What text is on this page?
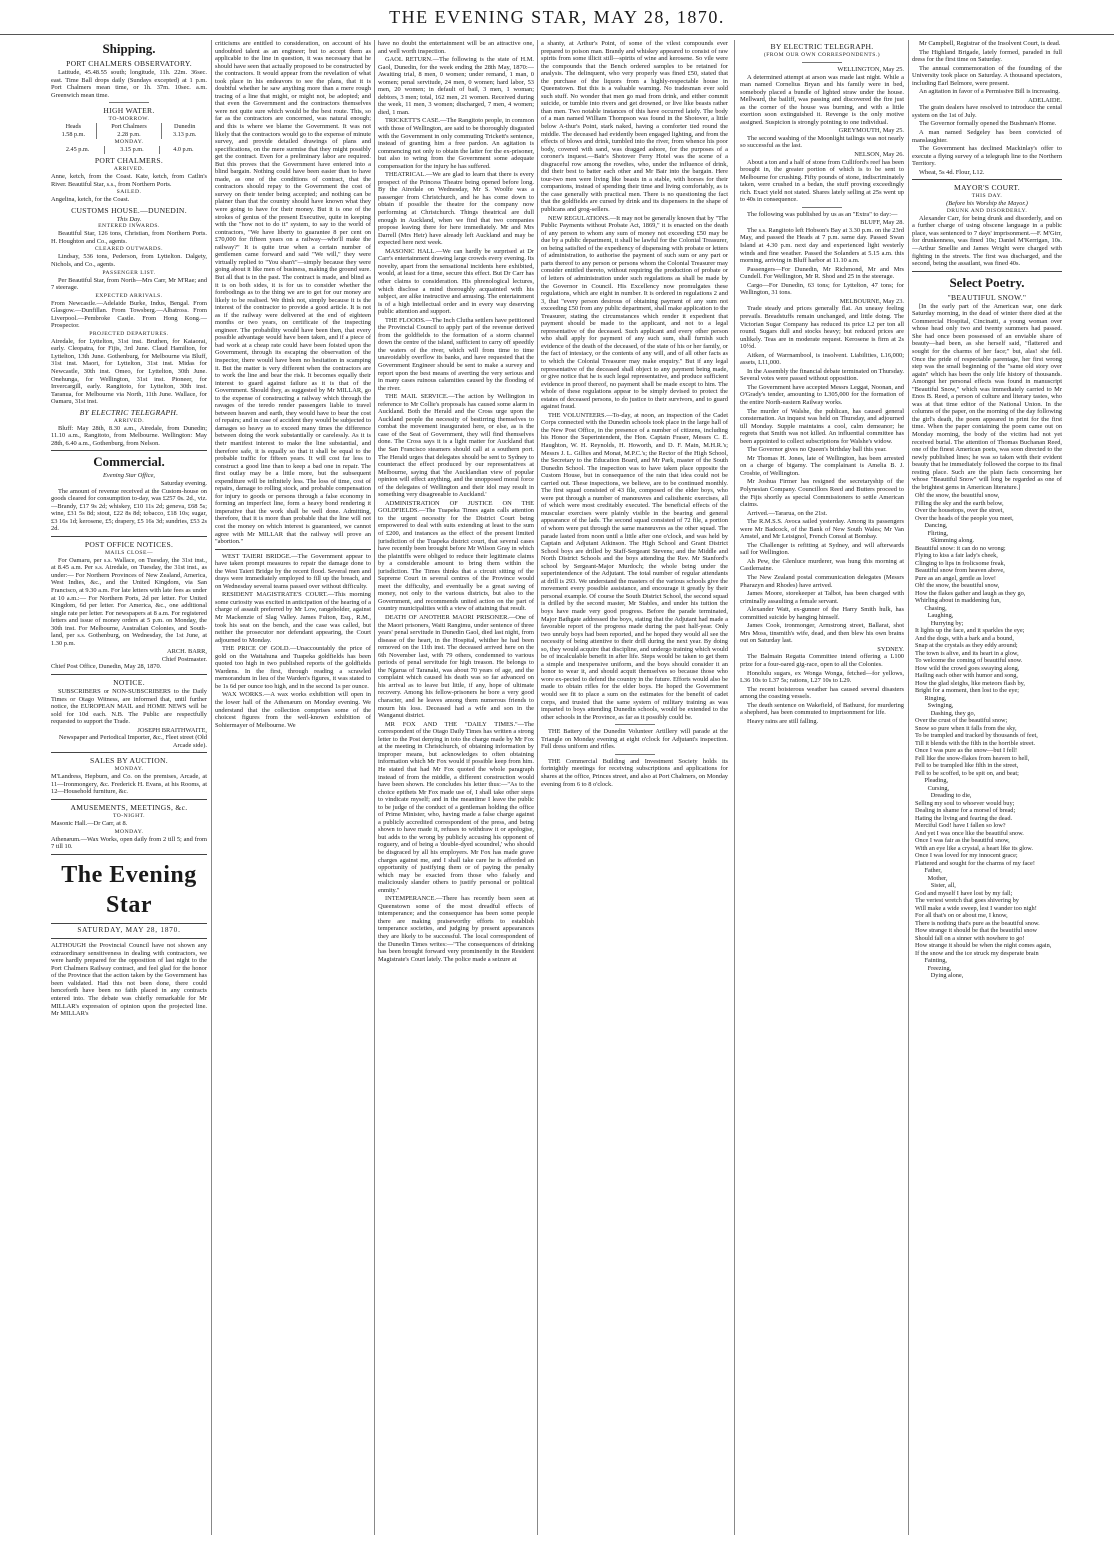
THE EVENING STAR, MAY 28, 1870.
Shipping.
PORT CHALMERS OBSERVATORY.

Latitude, 45.48.55 south; longitude, 11h. 22m. 36sec. east. Time Ball drops daily (Sundays excepted) at 1 p.m. Port Chalmers mean time, or 1h. 37m. 10sec. a.m. Greenwich mean time.

HIGH WATER.
TO-MORROW.
Heads	Port Chalmers	Dunedin
1.58 p.m.	2.28 p.m.	3.13 p.m.
MONDAY.
2.45 p.m.	3.15 p.m.	4.0 p.m.
PORT CHALMERS.
ARRIVED.

Anne, ketch, from the Coast. Kate, ketch, from Catlin's River. Beautiful Star, s.s., from Northern Ports.

SAILED.

Angelina, ketch, for the Coast.

CUSTOMS HOUSE.—DUNEDIN.
This Day.
ENTERED INWARDS.

Beautiful Star, 126 tons, Christian, from Northern Ports. H. Houghton and Co., agents.

CLEARED OUTWARDS.

Lindsay, 536 tons, Pederson, from Lyttelton. Dalgety, Nichols, and Co., agents.

PASSENGER LIST.

Per Beautiful Star, from North—Mrs Carr, Mr M'Rae; and 7 steerage.

EXPECTED ARRIVALS.

From Newcastle.—Adelaide Burke, Indus, Bengal. From Glasgow.—Dunfillan. From Towsberg.—Albatross. From Liverpool.—Pembroke Castle. From Hong Kong.—Prospector.

PROJECTED DEPARTURES.

Airedale, for Lyttelton, 31st inst. Bruthen, for Kaiaorai, early. Cleopatra, for Fijis, 3rd June. Claud Hamilton, for Lyttelton, 13th June. Gothenburg, for Melbourne via Bluff, 31st inst. Maori, for Lyttelton, 31st inst. Midas for Newcastle, 30th inst. Omeo, for Lyttelton, 30th June. Onehunga, for Wellington, 31st inst. Pioneer, for Invercargill, early. Rangitoto, for Lyttelton, 30th inst. Taranua, for Melbourne via North, 11th June. Wallace, for Oamaru, 31st inst.

BY ELECTRIC TELEGRAPH.
ARRIVED.

Bluff: May 28th, 8.30 a.m., Airedale, from Dunedin; 11.10 a.m., Rangitoto, from Melbourne. Wellington: May 28th, 6.40 a.m., Gothenburg, from Nelson.

Commercial.
Evening Star Office,
Saturday evening.

The amount of revenue received at the Custom-house on goods cleared for consumption to-day, was £257 0s. 2d., viz.—Brandy, £17 9s 2d; whiskey, £10 11s 2d; geneva, £68 5s; wine, £31 5s 8d; stout, £22 8s 8d; tobacco, £18 10s; sugar, £3 16s 1d; kerosene, £5; drapery, £5 16s 3d; sundries, £53 2s 2d.

POST OFFICE NOTICES.
MAILS CLOSE—

For Oamaru, per s.s. Wallace, on Tuesday, the 31st inst., at 8.45 a.m. Per s.s. Airedale, on Tuesday, the 31st inst., as under:— For Northern Provinces of New Zealand, America, West Indies, &c., and the United Kingdom, via San Francisco, at 9.30 a.m. For late letters with late fees as under at 10 a.m.:— For Northern Ports, 2d per letter. For United Kingdom, 6d per letter. For America, &c., one additional single rate per letter. For newspapers at 8 a.m. For registered letters and issue of money orders at 5 p.m. on Monday, the 30th inst. For Melbourne, Australian Colonies, and South-land, per s.s. Gothenburg, on Wednesday, the 1st June, at 1.30 p.m.

ARCH. BARR,
Chief Postmaster.

Chief Post Office, Dunedin, May 28, 1870.

NOTICE.

SUBSCRIBERS or NON-SUBSCRIBERS to the Daily Times or Otago Witness, are informed that, until further notice, the EUROPEAN MAIL and HOME NEWS will be sold for 10d each. N.B. The Public are respectfully requested to support the Trade.

JOSEPH BRAITHWAITE,
Newspaper and Periodical Importer, &c., Fleet street (Old Arcade side).
SALES BY AUCTION.
MONDAY.

M'Landress, Hepburn, and Co. on the premises, Arcade, at 11—Ironmongery, &c. Frederick H. Evans, at his Rooms, at 12—Household furniture, &c.

AMUSEMENTS, MEETINGS, &c.
TO-NIGHT.

Masonic Hall.—Dr Carr, at 8.

MONDAY.

Athenæum.—Wax Works, open daily from 2 till 5; and from 7 till 10.

The Evening Star
SATURDAY, MAY 28, 1870.

ALTHOUGH the Provincial Council have not shown any extraordinary sensitiveness in dealing with contractors, we were hardly prepared for the opposition of last night to the Port Chalmers Railway contract, and feel glad for the honor of the Province that the action taken by the Government has been validated. Had this not been done, there could henceforth have been no faith placed in any contracts entered into. The debate was chiefly remarkable for Mr MILLAR's expression of opinion upon the projected line. Mr MILLAR's

criticisms are entitled to consideration, on account of his undoubted talent as an engineer; but to accept them as applicable to the line in question, it was necessary that he should have seen that actually proposed to be constructed by the contractors. It would appear from the revelation of what took place in his endeavors to see the plans, that it is doubtful whether he saw anything more than a mere rough tracing of a line that might, or might not, be adopted; and that even the Government and the contractors themselves were not quite sure which would be the best route. This, so far as the contractors are concerned, was natural enough; and this is where we blame the Government. It was not likely that the contractors would go to the expense of minute survey, and provide detailed drawings of plans and specifications, on the mere surmise that they might possibly get the contract. Even for a preliminary labor are required. But this proves that the Government have entered into a blind bargain. Nothing could have been easier than to have made, as one of the conditions of contract, that the contractors should repay to the Government the cost of survey on their tender being accepted; and nothing can be plainer than that the country should have known what they were going to have for their money. But it is one of the strokes of genius of the present Executive, quite in keeping with the "how not to do it" system, to say to the world of contractors, "We have liberty to guarantee 8 per cent on £70,000 for fifteen years on a railway—who'll make the railway?" It is quite true when a certain number of gentlemen came forward and said "We will," they were virtually replied to "You shan't"—simply because they were going about it like men of business, making the ground sure. But all that is in the past. The contract is made, and blind as it is on both sides, it is for us to consider whether the forebodings as to the thing we are to get for our money are likely to be realised. We think not, simply because it is the interest of the contractor to provide a good article. It is not as if the railway were delivered at the end of eighteen months or two years, on certificate of the inspecting engineer. The probability would have been then, that every possible advantage would have been taken, and if a piece of bad work at a cheap rate could have been foisted upon the Government, through its escaping the observation of the inspector, there would have been no hesitation in scamping it. But the matter is very different when the contractors are to work the line and bear the risk. It becomes equally their interest to guard against failure as it is that of the Government. Should they, as suggested by Mr MILLAR, go to the expense of constructing a railway which through the ravages of the teredo render passengers liable to travel between heaven and earth, they would have to bear the cost of repairs; and in case of accident they would be subjected to damages so heavy as to exceed many times the difference between doing the work substantially or carelessly. As it is their manifest interest to make the line substantial, and therefore safe, it is equally so that it shall be equal to the probable traffic for fifteen years. It will cost far less to construct a good line than to keep a bad one in repair. The first outlay may be a little more, but the subsequent expenditure will be infinitely less. The loss of time, cost of repairs, damage to rolling stock, and probable compensation for injury to goods or persons through a false economy in forming an imperfect line, form a heavy bond rendering it imperative that the work shall be well done. Admitting, therefore, that it is more than probable that the line will not cost the money on which interest is guaranteed, we cannot agree with Mr MILLAR that the railway will prove an "abortion."

WEST TAIERI BRIDGE.—The Government appear to have taken prompt measures to repair the damage done to the West Taieri Bridge by the recent flood. Several men and drays were immediately employed to fill up the breach, and on Wednesday several teams passed over without difficulty.

RESIDENT MAGISTRATE'S COURT.—This morning some curiosity was excited in anticipation of the hearing of a charge of assault preferred by Mr Low, rangeholder, against Mr Mackenzie of Slag Valley. James Fulton, Esq., R.M., took his seat on the bench, and the case was called, but neither the prosecutor nor defendant appearing, the Court adjourned to Monday.

THE PRICE OF GOLD.—Unaccountably the price of gold on the Waitahuna and Tuapeka goldfields has been quoted too high in two published reports of the goldfields Wardens. In the first, through reading a scrawled memorandum in lieu of the Warden's figures, it was stated to be 1s 6d per ounce too high, and in the second 1s per ounce.

WAX WORKS.—A wax works exhibition will open in the lower hall of the Athenæum on Monday evening. We understand that the collection comprises some of the choicest figures from the well-known exhibition of Sohiermayer of Melbourne. We

have no doubt the entertainment will be an attractive one, and well worth inspection.

GAOL RETURN.—The following is the state of H.M. Gaol, Dunedin, for the week ending the 28th May, 1870:—Awaiting trial, 8 men, 0 women; under remand, 1 man, 0 women; penal servitude, 24 men, 0 women; hard labor, 53 men, 20 women; in default of bail, 3 men, 1 woman; debtors, 3 men; total, 162 men, 21 women. Received during the week, 11 men, 3 women; discharged, 7 men, 4 women; died, 1 man.

TRICKETT'S CASE.—The Rangitoto people, in common with those of Wellington, are said to be thoroughly disgusted with the Government in only commuting Trickett's sentence, instead of granting him a free pardon. An agitation is commencing not only to obtain the latter for the ex-prisoner, but also to wring from the Government some adequate compensation for the injury he has suffered.

THEATRICAL.—We are glad to learn that there is every prospect of the Princess Theatre being opened before long. By the Airedale on Wednesday, Mr S. Woolfe was a passenger from Christchurch, and he has come down to obtain if possible the theatre for the company now performing at Christchurch. Things theatrical are dull enough in Auckland, when we find that two companies propose leaving there for here immediately. Mr and Mrs Darrell (Mrs Heir) have already left Auckland and may be expected here next week.

MASONIC HALL.—We can hardly be surprised at Dr Carr's entertainment drawing large crowds every evening. Its novelty, apart from the sensational incidents here exhibited, would, at least for a time, secure this effect. But Dr Carr has other claims to consideration. His phrenological lectures, which disclose a mind thoroughly acquainted with his subject, are alike instructive and amusing. The entertainment is of a high intellectual order and in every way deserving public attention and support.

THE FLOODS.—The Inch Clutha settlers have petitioned the Provincial Council to apply part of the revenue derived from the goldfields to the formation of a storm channel down the centre of the island, sufficient to carry off speedily the waters of the river, which will from time to time unavoidably overflow its banks, and have requested that the Government Engineer should be sent to make a survey and report upon the best means of averting the very serious and in many cases ruinous calamities caused by the flooding of the river.

THE MAIL SERVICE.—The action by Wellington in reference to Mr Collie's proposals has caused some alarm in Auckland. Both the Herald and the Cross urge upon the Auckland people the necessity of bestirring themselves to combat the movement inaugurated here, or else, as is the case of the Seat of Government, they will find themselves done. The Cross says it is a light matter for Auckland that the San Francisco steamers should call at a southern port. The Herald urges that delegates should be sent to Sydney to counteract the effect produced by our representatives at Melbourne, saying that 'the Aucklandian view of popular opinion will effect anything, and the unopposed moral force of the delegates of Wellington and their idol may result in something very disagreeable to Auckland.'

ADMINISTRATION OF JUSTICE ON THE GOLDFIELDS.—The Tuapeka Times again calls attention to the urgent necessity for the District Court being empowered to deal with suits extending at least to the sum of £200, and instances as the effect of the present limited jurisdiction of the Tuapeka district court, that several cases have recently been brought before Mr Wilson Gray in which the plaintiffs were obliged to reduce their legitimate claims by a considerable amount to bring them within the jurisdiction. The Times thinks that a circuit sitting of the Supreme Court in several centres of the Province would meet the difficulty, and eventually be a great saving of money, not only to the various districts, but also to the Government, and recommends united action on the part of country municipalities with a view of attaining that result.

DEATH OF ANOTHER MAORI PRISONER.—One of the Maori prisoners, Waiti Rangimu, under sentence of three years' penal servitude in Dunedin Gaol, died last night, from disease of the heart, in the Hospital, whither he had been removed on the 11th inst. The deceased arrived here on the 6th November last, with 79 others, condemned to various periods of penal servitude for high treason. He belongs to the Ngarua of Taranaki, was about 70 years of age, and the complaint which caused his death was so far advanced on his arrival as to leave but little, if any, hope of ultimate recovery. Among his fellow-prisoners he bore a very good character, and he leaves among them numerous friends to mourn his loss. Deceased had a wife and son in the Wanganui district.

MR FOX AND THE "DAILY TIMES."—The correspondent of the Otago Daily Times has written a strong letter to the Post denying in toto the charge made by Mr Fox at the meeting in Christchurch, of obtaining information by improper means, but acknowledges to often obtaining information which Mr Fox would if possible keep from him. He stated that had Mr Fox quoted the whole paragraph instead of from the middle, a different construction would have been shown. He concludes his letter thus:—"As to the choice epithets Mr Fox made use of, I shall take other steps to vindicate myself; and in the meantime I leave the public to be judge of the conduct of a gentleman holding the office of Prime Minister, who, having made a false charge against a publicly accredited correspondent of the press, and being shown to have made it, refuses to withdraw it or apologise, but adds to the wrong by publicly accusing his opponent of roguery, and of being a 'double-dyed scoundrel,' who should be disgraced by all his employers. Mr Fox has made grave charges against me, and I shall take care he is afforded an opportunity of justifying them or of paying the penalty which may be exacted from those who falsely and maliciously slander others to justify personal or political enmity."

INTEMPERANCE.—There has recently been seen at Queenstown some of the most dreadful effects of intemperance; and the consequence has been some people there are making praiseworthy efforts to establish temperance societies, and judging by present appearances they are likely to be successful. The local correspondent of the Dunedin Times writes:—"The consequences of drinking has been brought forward very prominently in the Resident Magistrate's Court lately. The police made a seizure at

a shanty, at Arthur's Point, of some of the vilest compounds ever prepared to poison man. Brandy and whiskey appeared to consist of raw spirits from some illicit still—spirits of wine and kerosene. So vile were the compounds that the Bench ordered samples to be retained for analysis. The delinquent, who very properly was fined £50, stated that the purchase of the liquors from a highly-respectable house in Queenstown. But this is a valuable warning. No tradesman ever sold such stuff. No wonder that men go mad from drink, and either commit suicide, or tumble into rivers and get drowned, or live like beasts rather than men. Two notable instances of this have occurred lately. The body of a man named William Thompson was found in the Shotover, a little below A-thur's Point, stark naked, having a comforter tied round the middle. The deceased had evidently been engaged lighting, and from the effects of blows and drink, tumbled into the river, from whence his poor body, covered with sand, was dragged ashore, for the purposes of a coroner's inquest.—Bair's Shotover Ferry Hotel was the scene of a disgraceful row among the rowdies, who, under the influence of drink, did their best to batter each other and Mr Bair into the bargain. Here tour-two men were living like beasts in a stable, with horses for their companions, instead of spending their time and living comfortably, as is the case generally with practical men. There is no questioning the fact that the goldfields are cursed by drink and its dispensers in the shape of publicans and grog-sellers.

NEW REGULATIONS.—It may not be generally known that by "The Public Payments without Probate Act, 1869," it is enacted on the death of any person to whom any sum of money not exceeding £50 may be due by a public department, it shall be lawful for the Colonial Treasurer, on being satisfied of the expediency of dispensing with probate or letters of administration, to authorise the payment of such sum or any part or parts thereof to any person or persons whom the Colonial Treasurer may consider entitled thereto, without requiring the production of probate or of letters of administration under such regulations as shall be made by the Governor in Council. His Excellency now promulgates these regulations, which are eight in number. It is ordered in regulations 2 and 3, that "every person desirous of obtaining payment of any sum not exceeding £50 from any public department, shall make application to the Treasurer, stating the circumstances which render it expedient that payment should be made to the applicant, and not to a legal representative of the deceased. Such applicant and every other person who shall apply for payment of any such sum, shall furnish such evidence of the death of the deceased, of the state of his or her family, or the fact of intestacy, or the contents of any will, and of all other facts as to which the Colonial Treasurer may make enquiry." But if any legal representative of the deceased shall object to any payment being made, or give notice that he is such legal representative, and produce sufficient evidence in proof thereof, no payment shall be made except to him. The whole of these regulations appear to be simply devised to protect the estates of deceased persons, to do justice to their survivors, and to guard against fraud.

THE VOLUNTEERS.—To-day, at noon, an inspection of the Cadet Corps connected with the Dunedin schools took place in the large hall of the New Post Office, in the presence of a number of citizens, including his Honor the Superintendent, the Hon. Captain Fraser, Messrs C. E. Haughton, W. H. Reynolds, H. Howorth, and D. F. Main, M.H.R.'s; Messrs J. L. Gillies and Monat, M.P.C.'s; the Rector of the High School, the Secretary to the Education Board, and Mr Park, master of the South Dunedin School. The inspection was to have taken place opposite the Custom House, but in consequence of the rain that idea could not be carried out. These inspections, we believe, are to be continued monthly. The first squad consisted of 43 file, composed of the elder boys, who were put through a number of manœuvres and calisthenic exercises, all of which were most creditably executed. The beneficial effects of the muscular exercises were plainly visible in the bearing and general appearance of the lads. The second squad consisted of 72 file, a portion of whom were put through the same manœuvres as the other squad. The parade lasted from noon until a little after one o'clock, and was held by Captain and Adjutant Atkinson. The High School and Grant District School boys are drilled by Staff-Sergeant Stevens; and the Middle and North District Schools and the boys attending the Rev. Mr Stanford's school by Sergeant-Major Murdoch; the whole being under the superintendence of the Adjutant. The total number of regular attendants at drill is 293. We understand the masters of the various schools give the movement every possible assistance, and encourage it greatly by their personal example. Of course the South District School, the second squad is drilled by the second master, Mr Stables, and under his tuition the boys have made very good progress. Before the parade terminated, Major Bathgate addressed the boys, stating that the Adjutant had made a favorable report of the progress made during the past half-year. Only two unruly boys had been reported, and he hoped they would all see the necessity of being attentive to their drill during the next year. By doing so, they would acquire that discipline, and undergo training which would be of incalculable benefit in after life. Steps would be taken to get them a simple and inexpensive uniform, and the boys should consider it an honor to wear it, and should acquit themselves so because those who wore ex-pected to defend the country in the future. Efforts would also be made to obtain rifles for the elder boys. He hoped the Government would see fit to place a sum on the estimates for the benefit of cadet corps, and trusted that the same system of military training as was imparted to boys attending Dunedin schools, would be extended to the other schools in the Province, as far as it possibly could be.

THE Battery of the Dunedin Volunteer Artillery will parade at the Triangle on Monday evening at eight o'clock for Adjutant's inspection. Full dress uniform and rifles.

THE Commercial Building and Investment Society holds its fortnightly meetings for receiving subscriptions and applications for shares at the office, Princes street, and also at Port Chalmers, on Monday evening from 6 to 8 o'clock.

BY ELECTRIC TELEGRAPH.
(FROM OUR OWN CORRESPONDENTS.)
WELLINGTON, May 25.

A determined attempt at arson was made last night. While a man named Cornelius Bryan and his family were in bed, somebody placed a bundle of lighted straw under the house. Mellward, the bailiff, was passing and discovered the fire just as the corner of the house was burning, and with a little exertion soon extinguished it. Revenge is the only motive assigned. Suspicion is strongly pointing to one individual.

GREYMOUTH, May 25.

The second washing of the Moonlight tailings was not nearly so successful as the last.

NELSON, May 26.

About a ton and a half of stone from Culliford's reef has been brought in, the greater portion of which is to be sent to Melbourne for crushing. Fifty pounds of stone, indiscriminately taken, were crushed in a bedan, the stuff proving exceedingly rich. Exact yield not stated. Shares lately selling at 25s went up to 40s in consequence.

The following was published by us as an "Extra" to day:—

BLUFF, May 28.

The s.s. Rangitoto left Hobson's Bay at 3.30 p.m. on the 23rd May, and passed the Heads at 7 p.m. same day. Passed Swan Island at 4.30 p.m. next day and experienced light westerly winds and fine weather. Passed the Solanders at 5.15 a.m. this morning, arriving in Bluff harbor at 11.10 a.m.

Passengers—For Dunedin, Mr Richmond, Mr and Mrs Cundell. For Wellington, Mr R. Shod and 25 in the steerage.

Cargo—For Dunedin, 63 tons; for Lyttelton, 47 tons; for Wellington, 31 tons.

MELBOURNE, May 23.

Trade steady and prices generally flat. An uneasy feeling prevails. Breadstuffs remain unchanged, and little doing. The Victorian Sugar Company has reduced its price L2 per ton all round. Sugars dull and stocks heavy; but reduced prices are unlikely. Teas are in moderate request. Kerosene is firm at 2s 10½d.

Aitken, of Warrnambool, is insolvent. Liabilities, L16,000; assets, L11,000.

In the Assembly the financial debate terminated on Thursday. Several votes were passed without opposition.

The Government have accepted Messrs Leggat, Noonan, and O'Grady's tender, amounting to L305,000 for the formation of the entire North-eastern Railway works.

The murder of Walshe, the publican, has caused general consternation. An inquest was held on Thursday, and adjourned till Monday. Supple maintains a cool, calm demeanor; he regrets that Smith was not killed. An influential committee has been appointed to collect subscriptions for Walshe's widow.

The Governor gives no Queen's birthday ball this year.

Mr Thomas H. Jones, late of Wellington, has been arrested on a charge of bigamy. The complainant is Amelia B. J. Crosbie, of Wellington.

Mr Joshua Firmer has resigned the secretaryship of the Polynesian Company. Councillors Reed and Butters proceed to the Fijis shortly as special Commissioners to settle American claims.

Arrived.—Tararua, on the 21st.

The R.M.S.S. Avoca sailed yesterday. Among its passengers were Mr Badcock, of the Bank of New South Wales; Mr Van Amstel, and Mr Leisignol, French Consul at Bombay.

The Challenger is refitting at Sydney, and will afterwards sail for Wellington.

Ah Pew, the Glenluce murderer, was hung this morning at Castlemaine.

The New Zealand postal communication delegates (Messrs Pharazyn and Rhodes) have arrived.

James Moore, storekeeper at Talbot, has been charged with criminally assaulting a female servant.

Alexander Watt, ex-gunner of the Harry Smith hulk, has committed suicide by hanging himself.

James Cook, ironmonger, Armstrong street, Ballarat, shot Mrs Moss, tinsmith's wife, dead, and then blew his own brains out on Saturday last.

SYDNEY.

The Balmain Regatta Committee intend offering a L100 prize for a four-oared gig-race, open to all the Colonies.

Honolulu sugars, ex Wonga Wonga, fetched—for yellows, L36 10s to L37 5s; rations, L27 10s to L29.

The recent boisterous weather has caused several disasters among the coasting vessels.

The death sentence on Wakefield, of Bathurst, for murdering a shepherd, has been commuted to imprisonment for life.

Heavy rains are still falling.

Mr Campbell, Registrar of the Insolvent Court, is dead.

The Highland Brigade, lately formed, paraded in full dress for the first time on Saturday.

The annual commemoration of the founding of the University took place on Saturday. A thousand spectators, including Earl Belmore, were present.

An agitation in favor of a Permissive Bill is increasing.

ADELAIDE.

The grain dealers have resolved to introduce the cental system on the 1st of July.

The Governor formally opened the Bushman's Home.

A man named Sedgeley has been convicted of manslaughter.

The Government has declined Mackinlay's offer to execute a flying survey of a telegraph line to the Northern Territory.

Wheat, 5s 4d. Flour, L12.

MAYOR'S COURT.
THIS DAY.
(Before his Worship the Mayor.)
DRUNK AND DISORDERLY.

Alexander Carr, for being drunk and disorderly, and on a further charge of using obscene language in a public place, was sentenced to 7 days' imprisonment.—F. M'Girr, for drunkenness, was fined 10s; Daniel M'Kerrigan, 10s.—Arthur Smellie and James Wright were charged with fighting in the streets. The first was discharged, and the second, being the assailant, was fined 40s.

Select Poetry.
"BEAUTIFUL SNOW."

[In the early part of the American war, one dark Saturday morning, in the dead of winter there died at the Commercial Hospital, Cincinatti, a young woman over whose head only two and twenty summers had passed. She had once been possessed of an enviable share of beauty—had been, as she herself said, "flattered and sought for the charms of her face;" but, alas! she fell. Once the pride of respectable parentage, her first wrong step was the small beginning of the "same old story over again" which has been the only life history of thousands. Amongst her personal effects was found in manuscript "Beautiful Snow," which was immediately carried to Mr Enos B. Reed, a person of culture and literary tastes, who was at that time editor of the National Union. In the columns of the paper, on the morning of the day following the girl's death, the poem appeared in print for the first time. When the paper containing the poem came out on Monday morning, the body of the victim had not yet received burial. The attention of Thomas Buchanan Reed, one of the finest American poets, was soon directed to the newly published lines; he was so taken with their evident beauty that he immediately followed the corpse to its final resting place. Such are the plain facts concerning her whose "Beautiful Snow" will long be regarded as one of the brightest gems in American literature.]

Oh! the snow, the beautiful snow,
Filling the sky and the earth below,
Over the housetops, over the street,
Over the heads of the people you meet,
Dancing,
Flirting,
Skimming along.
Beautiful snow: it can do no wrong;
Flying to kiss a fair lady's cheek,
Clinging to lips in frolicsome freak,
Beautiful snow from heaven above,
Pure as an angel, gentle as love!
Oh! the snow, the beautiful snow,
How the flakes gather and laugh as they go,
Whirling about in maddening fun,
Chasing,
Laughing,
Hurrying by;
It lights up the face, and it sparkles the eye;
And the dogs, with a bark and a bound,
Snap at the crystals as they eddy around;
The town is alive, and its heart in a glow,
To welcome the coming of beautiful snow.
How wild the crowd goes swaying along,
Hailing each other with humor and song,
How the glad sleighs, like meteors flash by,
Bright for a moment, then lost to the eye;
Ringing,
Swinging,
Dashing, they go,
Over the crust of the beautiful snow;
Snow so pure when it falls from the sky,
To be trampled and tracked by thousands of feet,
Till it blends with the filth in the horrible street.
Once I was pure as the snow—but I fell!
Fell like the snow-flakes from heaven to hell,
Fell to be trampled like filth in the street,
Fell to be scoffed, to be spit on, and beat;
Pleading,
Cursing,
Dreading to die,
Selling my soul to whoever would buy;
Dealing in shame for a morsel of bread;
Hating the living and fearing the dead.
Merciful God! have I fallen so low?
And yet I was once like the beautiful snow.
Once I was fair as the beautiful snow,
With an eye like a crystal, a heart like its glow.
Once I was loved for my innocent grace;
Flattered and sought for the charms of my face!
Father,
Mother,
Sister, all,
God and myself I have lost by my fall;
The veriest wretch that goes shivering by
Will make a wide sweep, lest I wander too nigh!
For all that's on or about me, I know,
There is nothing that's pure as the beautiful snow.
How strange it should be that the beautiful snow
Should fall on a sinner with nowhere to go!
How strange it should be when the night comes again,
If the snow and the ice struck my desperate brain
Fainting,
Freezing,
Dying alone,
